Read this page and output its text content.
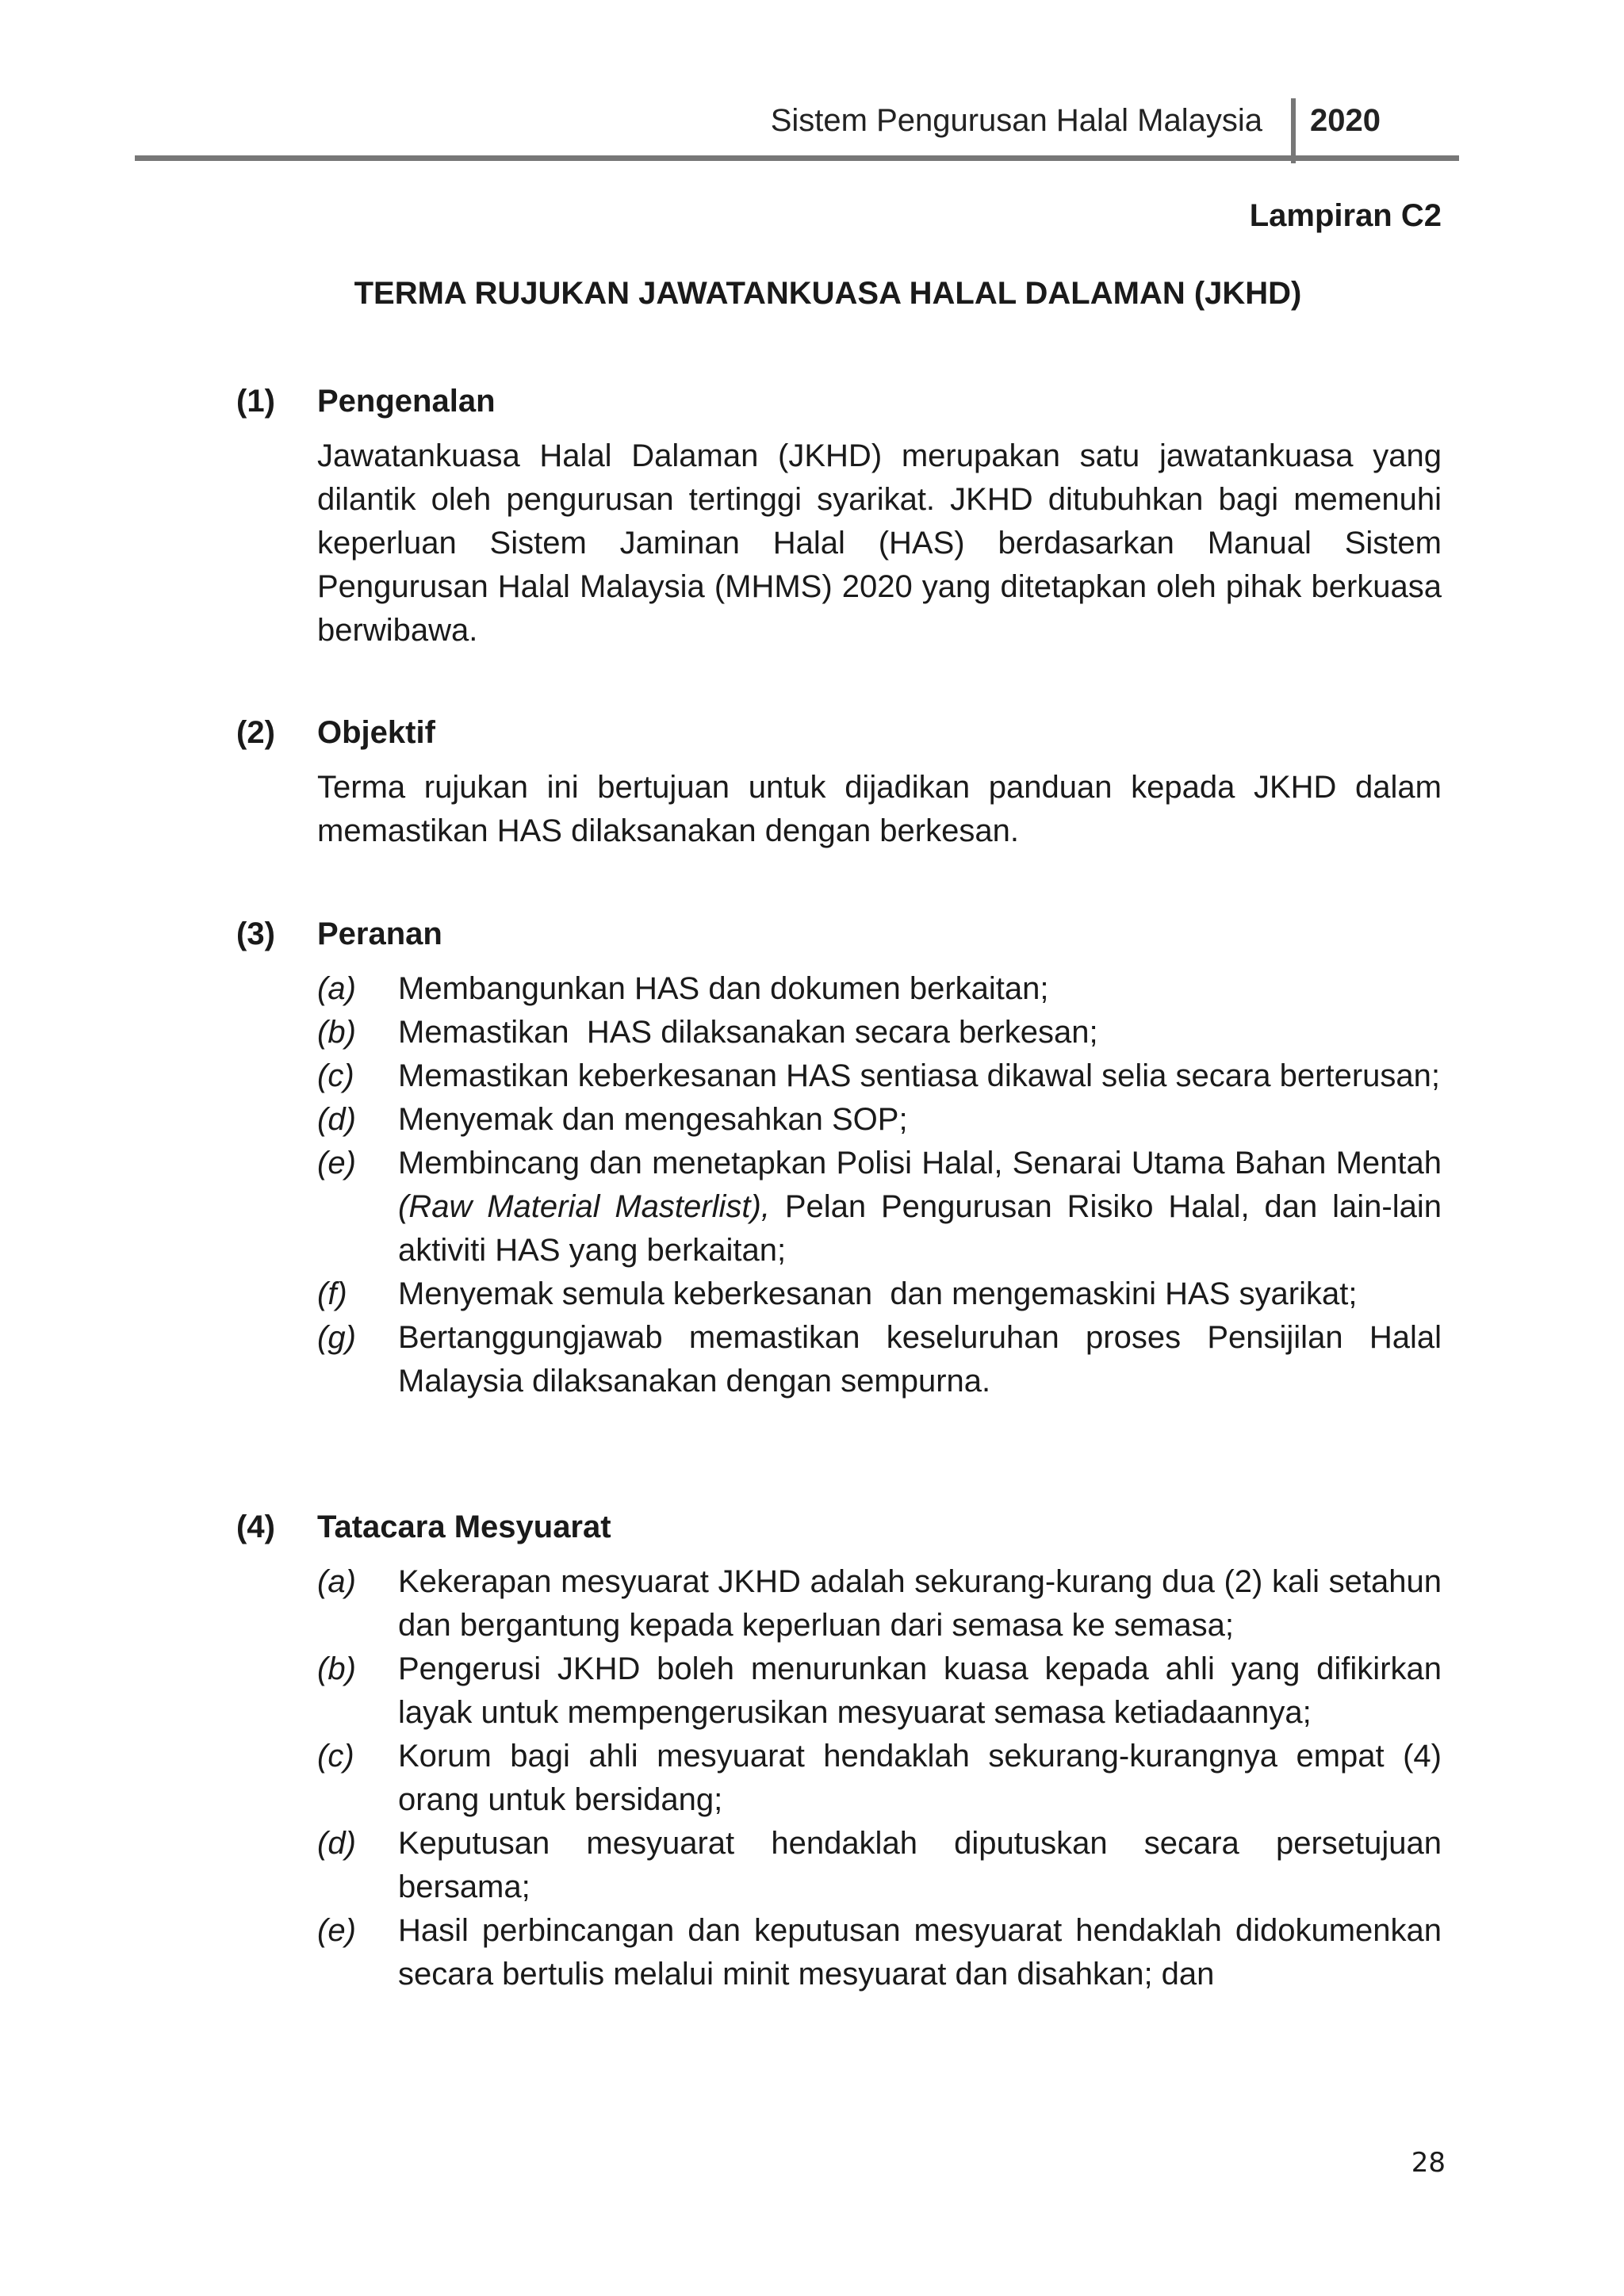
Sistem Pengurusan Halal Malaysia 2020
Lampiran C2
TERMA RUJUKAN JAWATANKUASA HALAL DALAMAN (JKHD)
(1) Pengenalan
Jawatankuasa Halal Dalaman (JKHD) merupakan satu jawatankuasa yang dilantik oleh pengurusan tertinggi syarikat. JKHD ditubuhkan bagi memenuhi keperluan Sistem Jaminan Halal (HAS) berdasarkan Manual Sistem Pengurusan Halal Malaysia (MHMS) 2020 yang ditetapkan oleh pihak berkuasa berwibawa.
(2) Objektif
Terma rujukan ini bertujuan untuk dijadikan panduan kepada JKHD dalam memastikan HAS dilaksanakan dengan berkesan.
(3) Peranan
(a)	Membangunkan HAS dan dokumen berkaitan;
(b)	Memastikan  HAS dilaksanakan secara berkesan;
(c)	Memastikan keberkesanan HAS sentiasa dikawal selia secara berterusan;
(d)	Menyemak dan mengesahkan SOP;
(e)	Membincang dan menetapkan Polisi Halal, Senarai Utama Bahan Mentah (Raw Material Masterlist), Pelan Pengurusan Risiko Halal, dan lain-lain aktiviti HAS yang berkaitan;
(f)	Menyemak semula keberkesanan  dan mengemaskini HAS syarikat;
(g)	Bertanggungjawab memastikan keseluruhan proses Pensijilan Halal Malaysia dilaksanakan dengan sempurna.
(4) Tatacara Mesyuarat
(a)	Kekerapan mesyuarat JKHD adalah sekurang-kurang dua (2) kali setahun dan bergantung kepada keperluan dari semasa ke semasa;
(b)	Pengerusi JKHD boleh menurunkan kuasa kepada ahli yang difikirkan layak untuk mempengerusikan mesyuarat semasa ketiadaannya;
(c)	Korum bagi ahli mesyuarat hendaklah sekurang-kurangnya empat (4) orang untuk bersidang;
(d)	Keputusan mesyuarat hendaklah diputuskan secara persetujuan bersama;
(e)	Hasil perbincangan dan keputusan mesyuarat hendaklah didokumenkan secara bertulis melalui minit mesyuarat dan disahkan; dan
28
